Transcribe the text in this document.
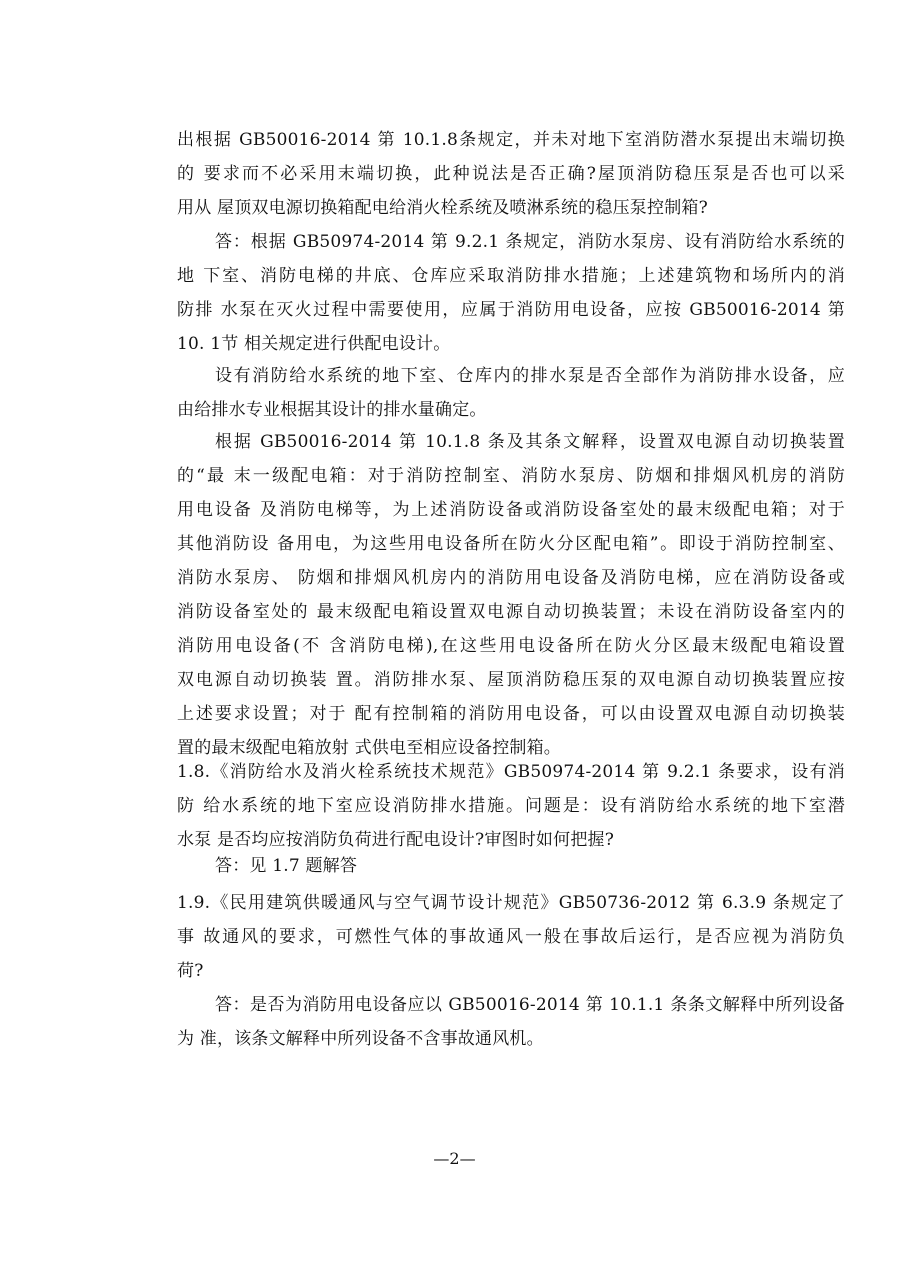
出根据 GB50016-2014 第 10.1.8条规定，并未对地下室消防潜水泵提出末端切换
的 要求而不必采用末端切换，此种说法是否正确?屋顶消防稳压泵是否也可以采
用从 屋顶双电源切换箱配电给消火栓系统及喷淋系统的稳压泵控制箱?
答：根据 GB50974-2014 第 9.2.1 条规定，消防水泵房、设有消防给水系统的
地 下室、消防电梯的井底、仓库应采取消防排水措施；上述建筑物和场所内的消
防排 水泵在灭火过程中需要使用，应属于消防用电设备，应按 GB50016-2014 第
10. 1节 相关规定进行供配电设计。
设有消防给水系统的地下室、仓库内的排水泵是否全部作为消防排水设备，应
由给排水专业根据其设计的排水量确定。
根据 GB50016-2014 第 10.1.8 条及其条文解释，设置双电源自动切换装置
的“最 末一级配电箱：对于消防控制室、消防水泵房、防烟和排烟风机房的消防
用电设备 及消防电梯等，为上述消防设备或消防设备室处的最末级配电箱；对于
其他消防设 备用电，为这些用电设备所在防火分区配电箱”。即设于消防控制室、
消防水泵房、 防烟和排烟风机房内的消防用电设备及消防电梯，应在消防设备或
消防设备室处的 最末级配电箱设置双电源自动切换装置；未设在消防设备室内的
消防用电设备(不 含消防电梯),在这些用电设备所在防火分区最末级配电箱设置
双电源自动切换装 置。消防排水泵、屋顶消防稳压泵的双电源自动切换装置应按
上述要求设置；对于 配有控制箱的消防用电设备，可以由设置双电源自动切换装
置的最末级配电箱放射 式供电至相应设备控制箱。
1.8.《消防给水及消火栓系统技术规范》GB50974-2014 第 9.2.1 条要求，设有消
防 给水系统的地下室应设消防排水措施。问题是：设有消防给水系统的地下室潜
水泵 是否均应按消防负荷进行配电设计?审图时如何把握?
答：见 1.7 题解答
1.9.《民用建筑供暖通风与空气调节设计规范》GB50736-2012 第 6.3.9 条规定了
事 故通风的要求，可燃性气体的事故通风一般在事故后运行，是否应视为消防负
荷?
答：是否为消防用电设备应以 GB50016-2014 第 10.1.1 条条文解释中所列设备
为 准，该条文解释中所列设备不含事故通风机。
—2—
